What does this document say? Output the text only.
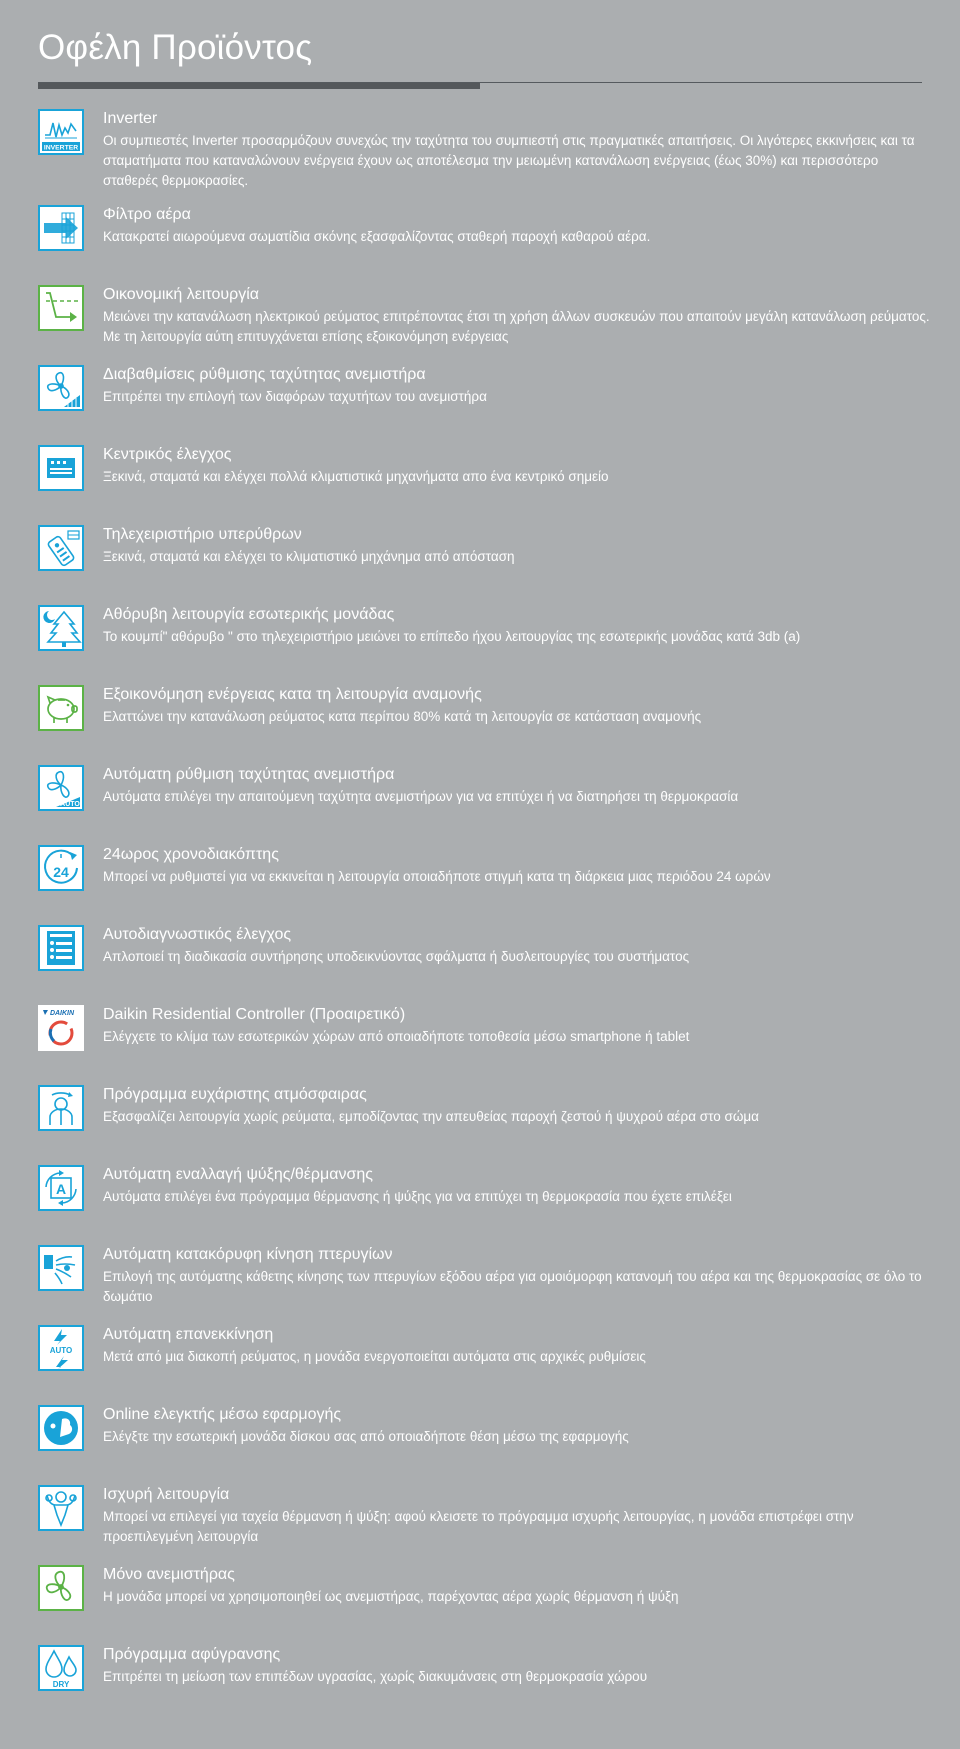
Οφέλη Προϊόντος
INVERTER
Inverter
Οι συμπιεστές Inverter προσαρμόζουν συνεχώς την ταχύτητα του συμπιεστή στις πραγματικές απαιτήσεις. Οι λιγότερες εκκινήσεις και τα σταματήματα που καταναλώνουν ενέργεια έχουν ως αποτέλεσμα την μειωμένη κατανάλωση ενέργειας (έως 30%) και περισσότερο σταθερές θερμοκρασίες.
Φίλτρο αέρα
Κατακρατεί αιωρούμενα σωματίδια σκόνης εξασφαλίζοντας σταθερή παροχή καθαρού αέρα.
Οικονομική λειτουργία
Μειώνει την κατανάλωση ηλεκτρικού ρεύματος επιτρέποντας έτσι τη χρήση άλλων συσκευών που απαιτούν μεγάλη κατανάλωση ρεύματος. Με τη λειτουργία αύτη επιτυγχάνεται επίσης εξοικονόμηση ενέργειας
Διαβαθμίσεις ρύθμισης ταχύτητας ανεμιστήρα
Επιτρέπει την επιλογή των διαφόρων ταχυτήτων του ανεμιστήρα
Κεντρικός έλεγχος
Ξεκινά, σταματά και ελέγχει πολλά κλιματιστικά μηχανήματα απο ένα κεντρικό σημείο
Τηλεχειριστήριο υπερύθρων
Ξεκινά, σταματά και ελέγχει το κλιματιστικό μηχάνημα από απόσταση
Αθόρυβη λειτουργία εσωτερικής μονάδας
Το κουμπί" αθόρυβο " στο τηλεχειριστήριο μειώνει το επίπεδο ήχου λειτουργίας της εσωτερικής μονάδας κατά 3db (a)
Εξοικονόμηση ενέργειας κατα τη λειτουργία αναμονής
Ελαττώνει την κατανάλωση ρεύματος κατα περίπου 80% κατά τη λειτουργία σε κατάσταση αναμονής
AUTO
Αυτόματη ρύθμιση ταχύτητας ανεμιστήρα
Αυτόματα επιλέγει την απαιτούμενη ταχύτητα ανεμιστήρων για να επιτύχει ή να διατηρήσει τη θερμοκρασία
24
24ωρος χρονοδιακόπτης
Μπορεί να ρυθμιστεί για να εκκινείται η λειτουργία οποιαδήποτε στιγμή κατα τη διάρκεια μιας περιόδου 24 ωρών
Αυτοδιαγνωστικός έλεγχος
Απλοποιεί τη διαδικασία συντήρησης υποδεικνύοντας σφάλματα ή δυσλειτουργίες του συστήματος
DAIKIN Daikin Residential Controller (Προαιρετικό)
Ελέγχετε το κλίμα των εσωτερικών χώρων από οποιαδήποτε τοποθεσία μέσω smartphone ή tablet
Πρόγραμμα ευχάριστης ατμόσφαιρας
Εξασφαλίζει λειτουργία χωρίς ρεύματα, εμποδίζοντας την απευθείας παροχή ζεστού ή ψυχρού αέρα στο σώμα
A
Αυτόματη εναλλαγή ψύξης/θέρμανσης
Αυτόματα επιλέγει ένα πρόγραμμα θέρμανσης ή ψύξης για να επιτύχει τη θερμοκρασία που έχετε επιλέξει
Αυτόματη κατακόρυφη κίνηση πτερυγίων
Επιλογή της αυτόματης κάθετης κίνησης των πτερυγίων εξόδου αέρα για ομοιόμορφη κατανομή του αέρα και της θερμοκρασίας σε όλο το δωμάτιο
AUTO
Αυτόματη επανεκκίνηση
Μετά από μια διακοπή ρεύματος, η μονάδα ενεργοποιείται αυτόματα στις αρχικές ρυθμίσεις
Online ελεγκτής μέσω εφαρμογής
Ελέγξτε την εσωτερική μονάδα δίσκου σας από οποιαδήποτε θέση μέσω της εφαρμογής
Ισχυρή λειτουργία
Μπορεί να επιλεγεί για ταχεία θέρμανση ή ψύξη: αφού κλεισετε το πρόγραμμα ισχυρής λειτουργίας, η μονάδα επιστρέφει στην προεπιλεγμένη λειτουργία
Μόνο ανεμιστήρας
Η μονάδα μπορεί να χρησιμοποιηθεί ως ανεμιστήρας, παρέχοντας αέρα χωρίς θέρμανση ή ψύξη
DRY
Πρόγραμμα αφύγρανσης
Επιτρέπει τη μείωση των επιπέδων υγρασίας, χωρίς διακυμάνσεις στη θερμοκρασία χώρου
